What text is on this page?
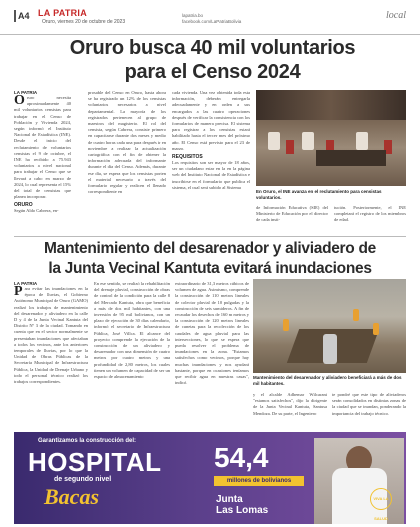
A4 LA PATRIA
Oruro, viernes 20 de octubre de 2023
lapatria.bo
facebook.com/LaPatriaBolivia
local
Oruro busca 40 mil voluntarios
para el Censo 2024
LA PATRIA
O ruro necesita aproximadamente 40 mil voluntarios censistas para trabajar en el Censo de Población y Vivienda 2024, según informó el Instituto Nacional de Estadística (INE). Desde el inicio del reclutamiento de voluntarios censistas el 9 de octubre, el INE ha recibido a 75.943 voluntarios a nivel nacional para trabajar el Censo que se llevará a cabo en marzo de 2024, lo cual representa el 15% del total de censistas que planea incorporar.
ORURO
Según Aldo Cabrera, en-
prosable del Censo en Oruro, hasta ahora se ha registrado un 12% de los censistas voluntarios necesarios a nivel departamental. La mayoría de los registrados pertenecen al grupo de maestros del magisterio. El rol del censista, según Cabrera, consiste primero en capacitarse durante dos meses y medio de cuatro horas cada una para después ir en noviembre a realizar la actualización cartográfica con el fin de obtener la información adecuada del informante durante el día del Censo. Además, durante ese día, se espera que los censistas porten el material necesario a través del formulario regular y realicen el llenado correspondiente en
cada vivienda. Una vez obtenida toda esta información, deberán entregarla adecuadamente y en orden a sus encargados a las cuatro operaciones después de verificar la consistencia con los formularios de manera precisa. El sistema para registrar a los censistas estará habilitado hasta el tercer mes del próximo año. El Censo está previsto para el 23 de marzo.
REQUISITOS
Los requisitos son ser mayor de 18 años, ser un ciudadano estar en la en la página web del Instituto Nacional de Estadística e inscribirse en el formulario que publica el sistema, el cual será subido al Sistema
En Oruro, el INE avanza en el reclutamiento para censistas voluntarios.
de Información Educativa (SIE) del Ministerio de Educación por el director de cada insti-
tución. Posteriormente, el INE completará el registro de los miembros de edad.
Mantenimiento del desarenador y aliviadero de
la Junta Vecinal Kantuta evitará inundaciones
LA PATRIA
P ara evitar las inundaciones en la época de lluvias, el Gobierno Autónomo Municipal de Oruro (GAMO) realizó los trabajos de mantenimiento del desarenador y aliviadero en la calle D y 4 de la Junta Vecinal Kantuta del Distrito Nº 3 de la ciudad. Tomando en cuenta que en el sector normalmente se presentaban inundaciones que afectaban a todos los vecinos, ante los anteriores temporales de lluvias, por lo que la Unidad de Obras Públicas de la Secretaría Municipal de Infraestructura Pública, la Unidad de Drenaje Urbano y todo el personal técnico realizó los trabajos correspondientes.
En ese sentido, se realizó la rehabilitación del drenaje pluvial, construcción de obras de control de la condición para la calle 8 del Mercado Kantuta, obra que beneficia a más de dos mil habitantes, con una inversión de 95 mil bolivianos, con un plazo de ejecución de 30 días calendario, informó el secretario de Infraestructura Pública, José Villca. El alcance del proyecto comprende la ejecución de la construcción de un aliviadero y desarenador con una dimensión de cuatro metros por cuatro metros y una profundidad de 2,80 metros, los cuales tienen un volumen de capacidad de ser un espacio de almacenamiento
extraordinario de 31,3 metros cúbicos de volumen de agua. Asimismo, comprende la construcción de 110 metros lineales de colector pluvial de 10 pulgadas y la construcción de seis sumideros. A fin de recaudar los desechos de 160 m metros y la construcción de 120 metros lineales de cunetas para la recolección de los caudales de agua pluvial para las intersecciones, lo que se espera que pueda resolver el problema de inundaciones en la zona. "Estamos satisfechos como vecinos, porque hay muchas inundaciones y nos ayudará bastante, porque en ocasiones teníamos que recibir agua en nuestras casas", indicó.
Mantenimiento del desarenador y aliviadero beneficiará a más de dos mil habitantes.
y el alcalde Adhemar Wilcarani "estamos satisfechos", dijo la dirigente de la Junta Vecinal Kantuta, Santusa Mendoza. De su parte, el Ingeniero
te pondré que este tipo de aliviaderos serán consolidados en distintas zonas de la ciudad que se inundan, ponderando la importancia del trabajo técnico.
Garantizamos la construcción del:
HOSPITAL
de segundo nivel
Bacas
54,4
millones de bolivianos
Junta
Las Lomas
VIVA LA SALUD
